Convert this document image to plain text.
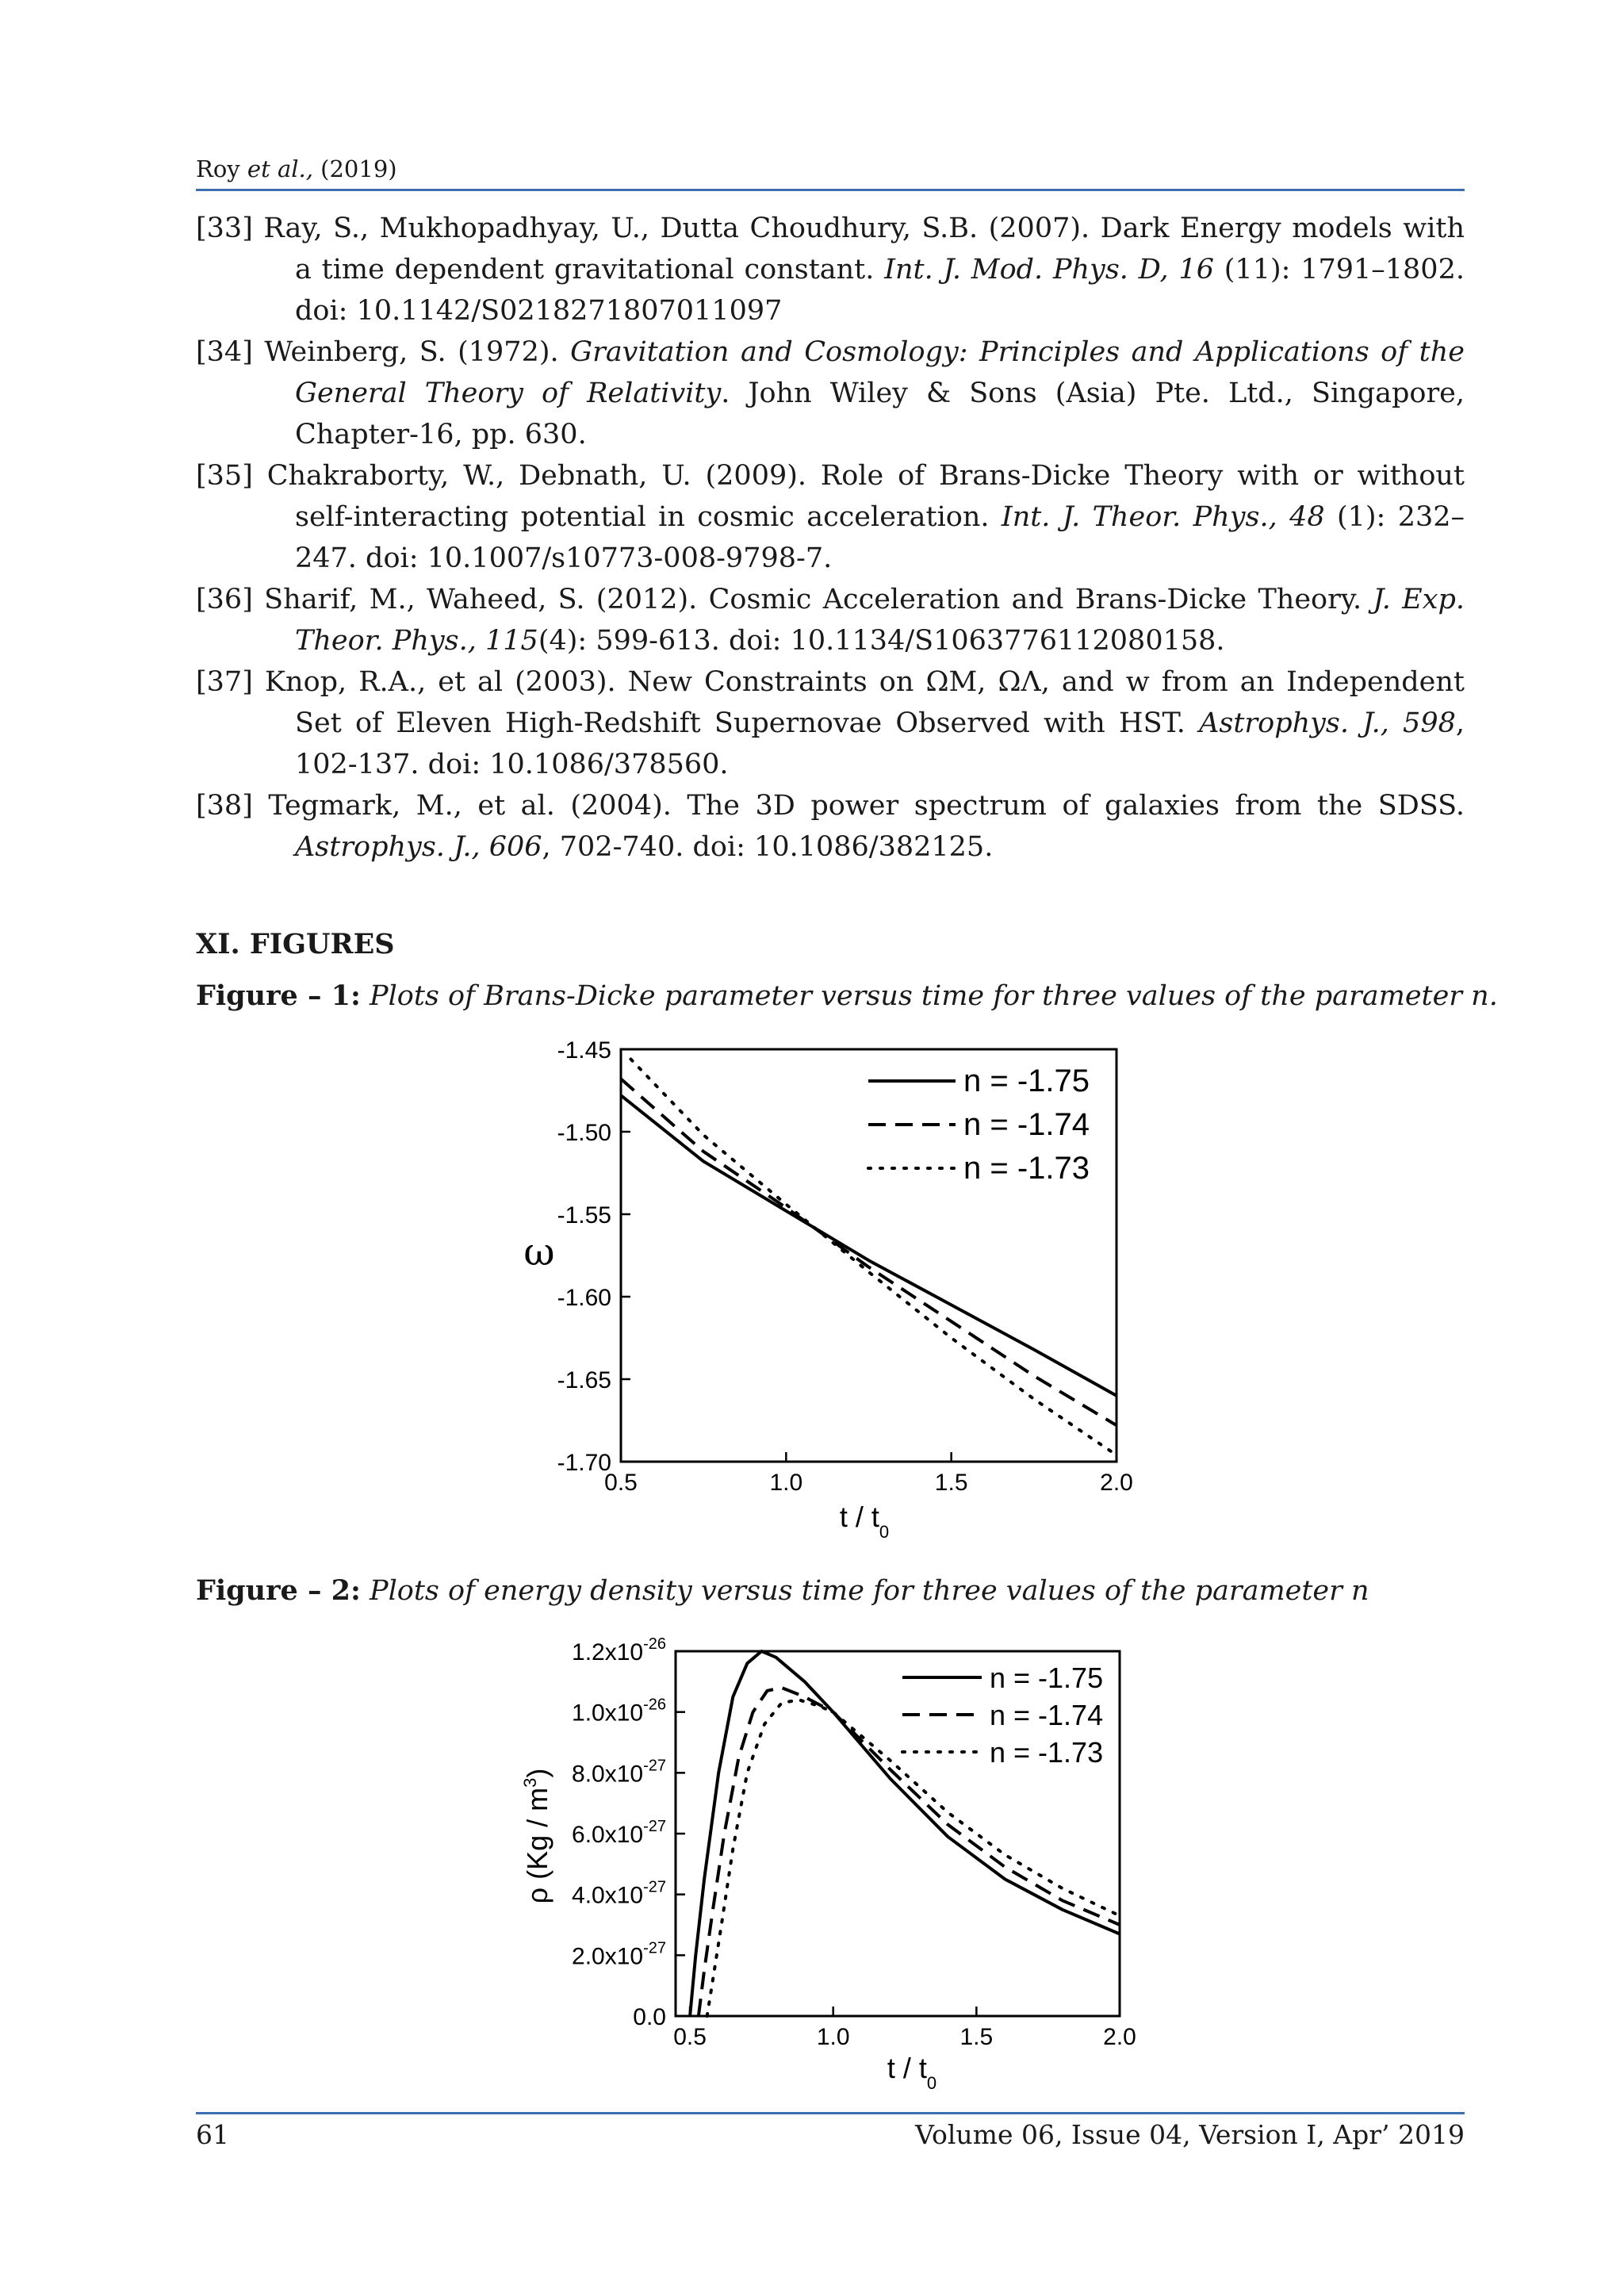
Roy et al., (2019)

[33] Ray, S., Mukhopadhyay, U., Dutta Choudhury, S.B. (2007). Dark Energy models with a time dependent gravitational constant. Int. J. Mod. Phys. D, 16 (11): 1791–1802. doi: 10.1142/S0218271807011097

[34] Weinberg, S. (1972). Gravitation and Cosmology: Principles and Applications of the General Theory of Relativity. John Wiley & Sons (Asia) Pte. Ltd., Singapore, Chapter-16, pp. 630.

[35] Chakraborty, W., Debnath, U. (2009). Role of Brans-Dicke Theory with or without self-interacting potential in cosmic acceleration. Int. J. Theor. Phys., 48 (1): 232–247. doi: 10.1007/s10773-008-9798-7.

[36] Sharif, M., Waheed, S. (2012). Cosmic Acceleration and Brans-Dicke Theory. J. Exp. Theor. Phys., 115(4): 599-613. doi: 10.1134/S1063776112080158.

[37] Knop, R.A., et al (2003). New Constraints on ΩM, ΩΛ, and w from an Independent Set of Eleven High-Redshift Supernovae Observed with HST. Astrophys. J., 598, 102-137. doi: 10.1086/378560.

[38] Tegmark, M., et al. (2004). The 3D power spectrum of galaxies from the SDSS. Astrophys. J., 606, 702-740. doi: 10.1086/382125.

XI. FIGURES
Figure – 1: Plots of Brans-Dicke parameter versus time for three values of the parameter n.
Figure – 2: Plots of energy density versus time for three values of the parameter n
0.5	1.0	1.5	2.0
-1.45
-1.50
-1.55
-1.60
-1.65
-1.70
t / $t_0$
ω
n = -1.75
n = -1.74
n = -1.73
0.5	1.0	1.5	2.0
0.0
$2.0x10^{-27}$
$4.0x10^{-27}$
$6.0x10^{-27}$
$8.0x10^{-27}$
$1.0x10^{-26}$
$1.2x10^{-26}$
t / $t_0$
ρ $(Kg / m^3)$
n = -1.75
n = -1.74
n = -1.73
61	Volume 06, Issue 04, Version I, Apr’ 2019
